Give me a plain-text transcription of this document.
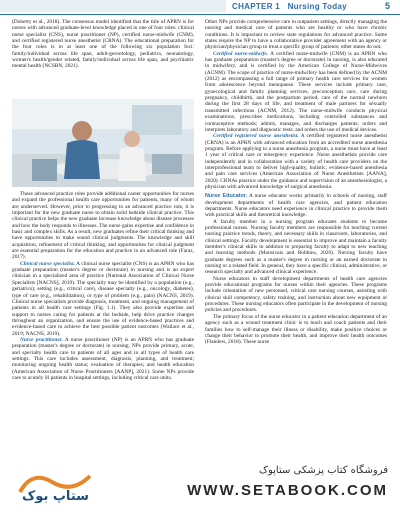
CHAPTER 1 Nursing Today	5

(Doherty et al., 2018). The consensus model identified that the title of APRN is for nurses with advanced graduate-level knowledge placed in one of four roles: clinical nurse specialist (CNS), nurse practitioner (NP), certified nurse-midwife (CNM), and certified registered nurse anesthetist (CRNA). The educational preparation for the four roles is in at least one of the following six population foci: family/individual across life span, adult-gerontology, pediatrics, neonatology, women's health/gender related, family/individual across life span, and psychiatric mental health (NCSBN, 2021).

These advanced practice roles provide additional career opportunities for nurses and expand the professional health care opportunities for patients, many of whom are underserved. However, prior to progressing to an advanced practice role, it is important for the new graduate nurse to obtain solid bedside clinical practice. This clinical practice helps the new graduate increase knowledge about disease processes and how the body responds to illnesses. The nurse gains expertise and confidence in basic and complex skills. As a result, new graduates refine their critical thinking and have opportunities to make sound clinical judgments. The knowledge and skill acquisition, refinement of critical thinking, and opportunities for clinical judgment are essential preparation for the education and practice in an advanced role (Faraz, 2017).

Clinical nurse specialist. A clinical nurse specialist (CNS) is an APRN who has graduate preparation (master's degree or doctorate) in nursing and is an expert clinician in a specialized area of practice (National Association of Clinical Nurse Specialists [NACNS], 2019). The specialty may be identified by a population (e.g., geriatrics); setting (e.g., critical care), disease specialty (e.g., oncology, diabetes), type of care (e.g., rehabilitation), or type of problem (e.g., pain) (NACNS, 2019). Clinical nurse specialists provide diagnosis, treatment, and ongoing management of patients in all health care settings (Fig. 1.1). They also provide expertise and support to nurses caring for patients at the bedside, help drive practice changes throughout an organization, and ensure the use of evidence-based practices and evidence-based care to achieve the best possible patient outcomes (Wallace et al., 2019; NACNS, 2019).

Nurse practitioner. A nurse practitioner (NP) is an APRN who has graduate preparation (master's degree or doctorate) in nursing. NPs provide primary, acute, and specialty health care to patients of all ages and in all types of health care settings. This care includes assessment, diagnosis, planning, and treatment; monitoring ongoing health status; evaluation of therapies; and health education (American Association of Nurse Practitioners [AANP], 2021). Some NPs provide care to acutely ill patients in hospital settings, including critical care units.

Other NPs provide comprehensive care in outpatient settings, directly managing the nursing and medical care of patients who are healthy or who have chronic conditions. It is important to review state regulations for advanced practice. Some states require the NP to have a collaborative provider agreement with an agency or physician/physician group to treat a specific group of patients; other states do not.

Certified nurse-midwife. A certified nurse-midwife (CNM) is an APRN who has graduate preparation (master's degree or doctorate) in nursing, is also educated in midwifery, and is certified by the American College of Nurse-Midwives (ACNM). The scope of practice of nurse-midwifery has been defined by the ACNM (2012) as encompassing a full range of primary health care services for women from adolescence beyond menopause. These services include primary care, gynecological and family planning services, preconception care, care during pregnancy, childbirth, and the postpartum period, care of the normal newborn during the first 28 days of life, and treatment of male partners for sexually transmitted infections (ACNM, 2012). The nurse-midwife conducts physical examinations; prescribes medications, including controlled substances and contraceptive methods; admits, manages, and discharges patients; orders and interprets laboratory and diagnostic tests; and orders the use of medical devices.

Certified registered nurse anesthetist. A certified registered nurse anesthetist (CRNA) is an APRN with advanced education from an accredited nurse anesthesia program. Before applying to a nurse anesthesia program, a nurse must have at least 1 year of critical care or emergency experience. Nurse anesthetists provide care independently and in collaboration with a variety of health care providers on the interprofessional team to deliver high-quality, holistic, evidence-based anesthesia and pain care services (American Association of Nurse Anesthetists [AANA], 2020). CRNAs practice under the guidance and supervision of an anesthesiologist, a physician with advanced knowledge of surgical anesthesia.

Nurse Educator. A nurse educator works primarily in schools of nursing, staff development departments of health care agencies, and patient education departments. Nurse educators need experience in clinical practice to provide them with practical skills and theoretical knowledge.

A faculty member in a nursing program educates students to become professional nurses. Nursing faculty members are responsible for teaching current nursing practice trends, theory, and necessary skills in classroom, laboratories, and clinical settings. Faculty development is essential to improve and maintain a faculty member's clinical skills in addition to preparing faculty to adapt to new teaching and learning methods (Monsivais and Robbins, 2020). Nursing faculty have graduate degrees such as a master's degree in nursing or an earned doctorate in nursing or a related field. In general, they have a specific clinical, administrative, or research specialty and advanced clinical experience.

Nurse educators in staff development departments of health care agencies provide educational programs for nurses within their agencies. These programs include orientation of new personnel, critical care nursing courses, assisting with clinical skill competency, safety training, and instruction about new equipment or procedures. These nursing educators often participate in the development of nursing policies and procedures.

The primary focus of the nurse educator in a patient education department of an agency such as a wound treatment clinic is to teach and coach patients and their families how to self-manage their illness or disability, make positive choices or change their behavior to promote their health, and improve their health outcomes (Flanders, 2018). These nurse

ستاپ بوک
فروشگاه کتاب پزشکی ستاپوک
WWW.SETABOOK.COM
